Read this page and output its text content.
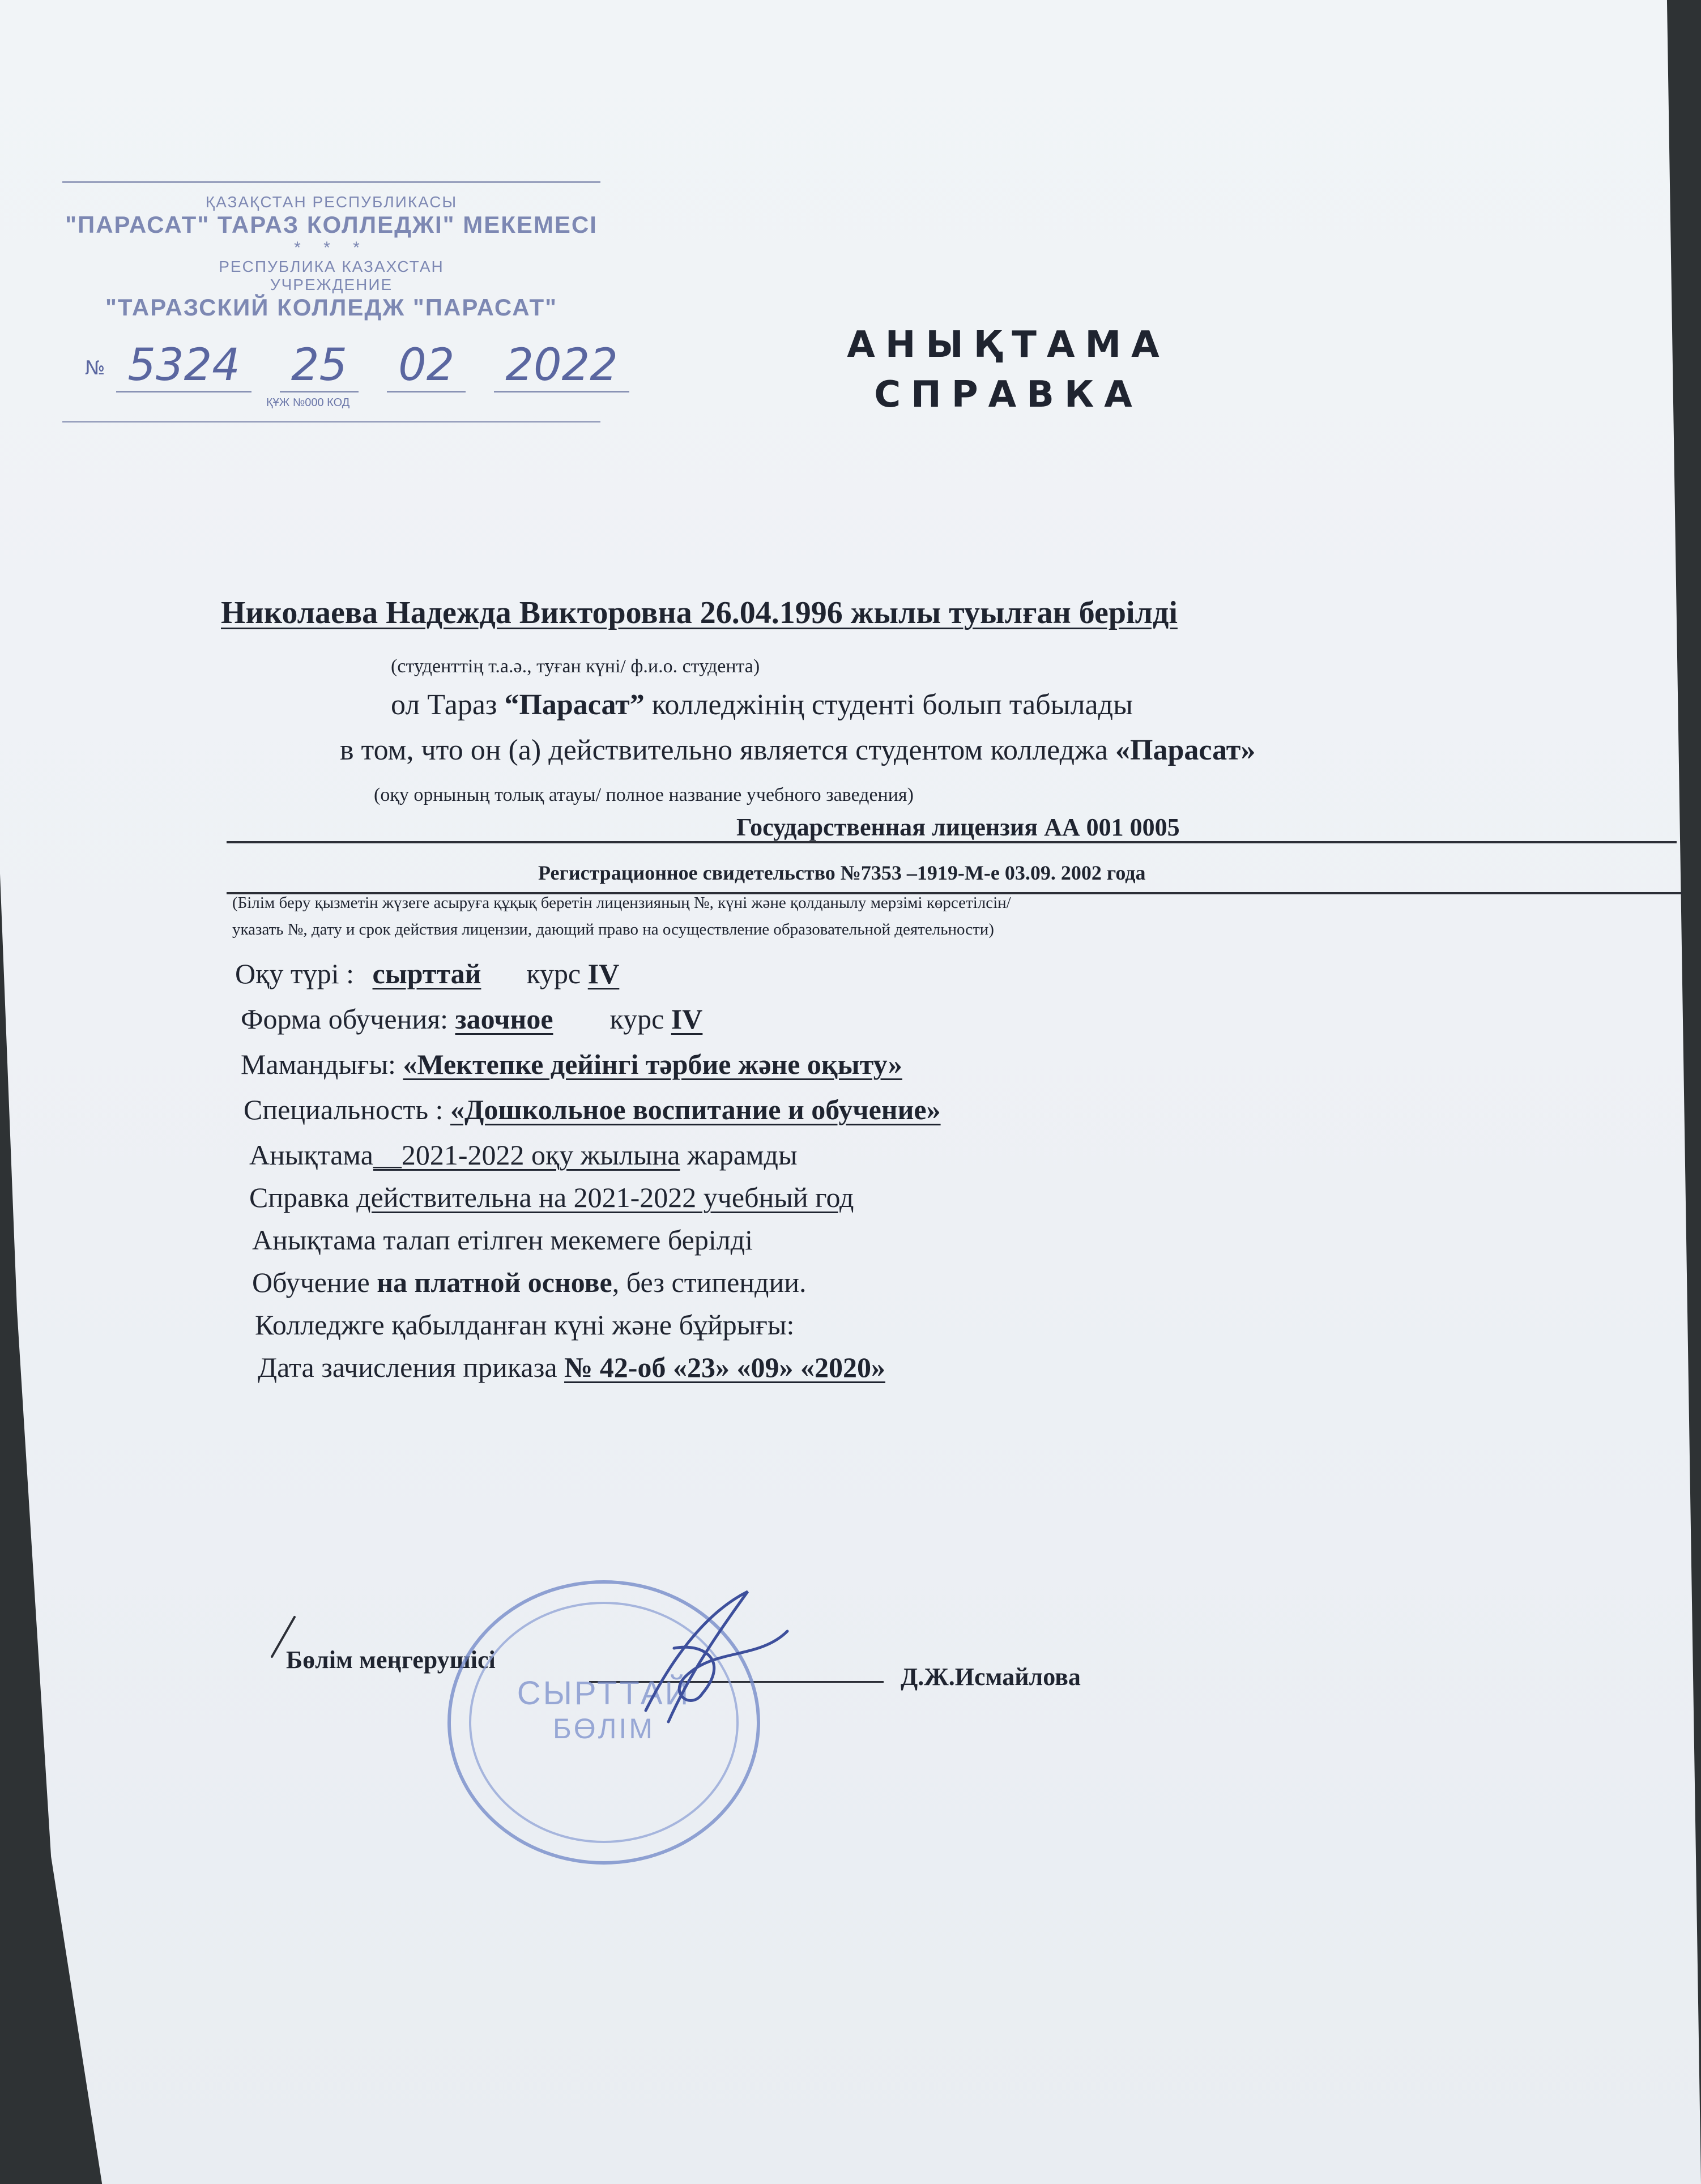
ҚАЗАҚСТАН РЕСПУБЛИКАСЫ
"ПАРАСАТ" ТАРАЗ КОЛЛЕДЖІ" МЕКЕМЕСІ
* * *
РЕСПУБЛИКА КАЗАХСТАН
УЧРЕЖДЕНИЕ
"ТАРАЗСКИЙ КОЛЛЕДЖ "ПАРАСАТ"
№ 5324 25 02 2022
ҚҰЖ №000 КОД
АНЫҚТАМА
СПРАВКА
Николаева Надежда Викторовна 26.04.1996 жылы туылған берілді
(студенттің т.а.ә., туған күні/ ф.и.о. студента)
ол Тараз “Парасат” колледжінің студенті болып табылады
в том, что он (а) действительно является студентом колледжа «Парасат»
(оқу орнының толық атауы/ полное название учебного заведения)
Государственная лицензия АА 001 0005
Регистрационное свидетельство №7353 –1919-М-е 03.09. 2002 года
(Білім беру қызметін жүзеге асыруға құқық беретін лицензияның №, күні және қолданылу мерзімі көрсетілсін/
указать №, дату и срок действия лицензии, дающий право на осуществление образовательной деятельности)
Оқу түрі : сырттай курс IV
Форма обучения: заочное курс IV
Мамандығы: «Мектепке дейінгі тәрбие және оқыту»
Специальность : «Дошкольное воспитание и обучение»
Анықтама__2021-2022 оқу жылына жарамды
Справка действительна на 2021-2022 учебный год
Анықтама талап етілген мекемеге берілді
Обучение на платной основе, без стипендии.
Колледжге қабылданған күні және бұйрығы:
Дата зачисления приказа № 42-об «23» «09» «2020»
Бөлім меңгерушісі
Д.Ж.Исмайлова
СЫРТТАЙ
БӨЛІМ
